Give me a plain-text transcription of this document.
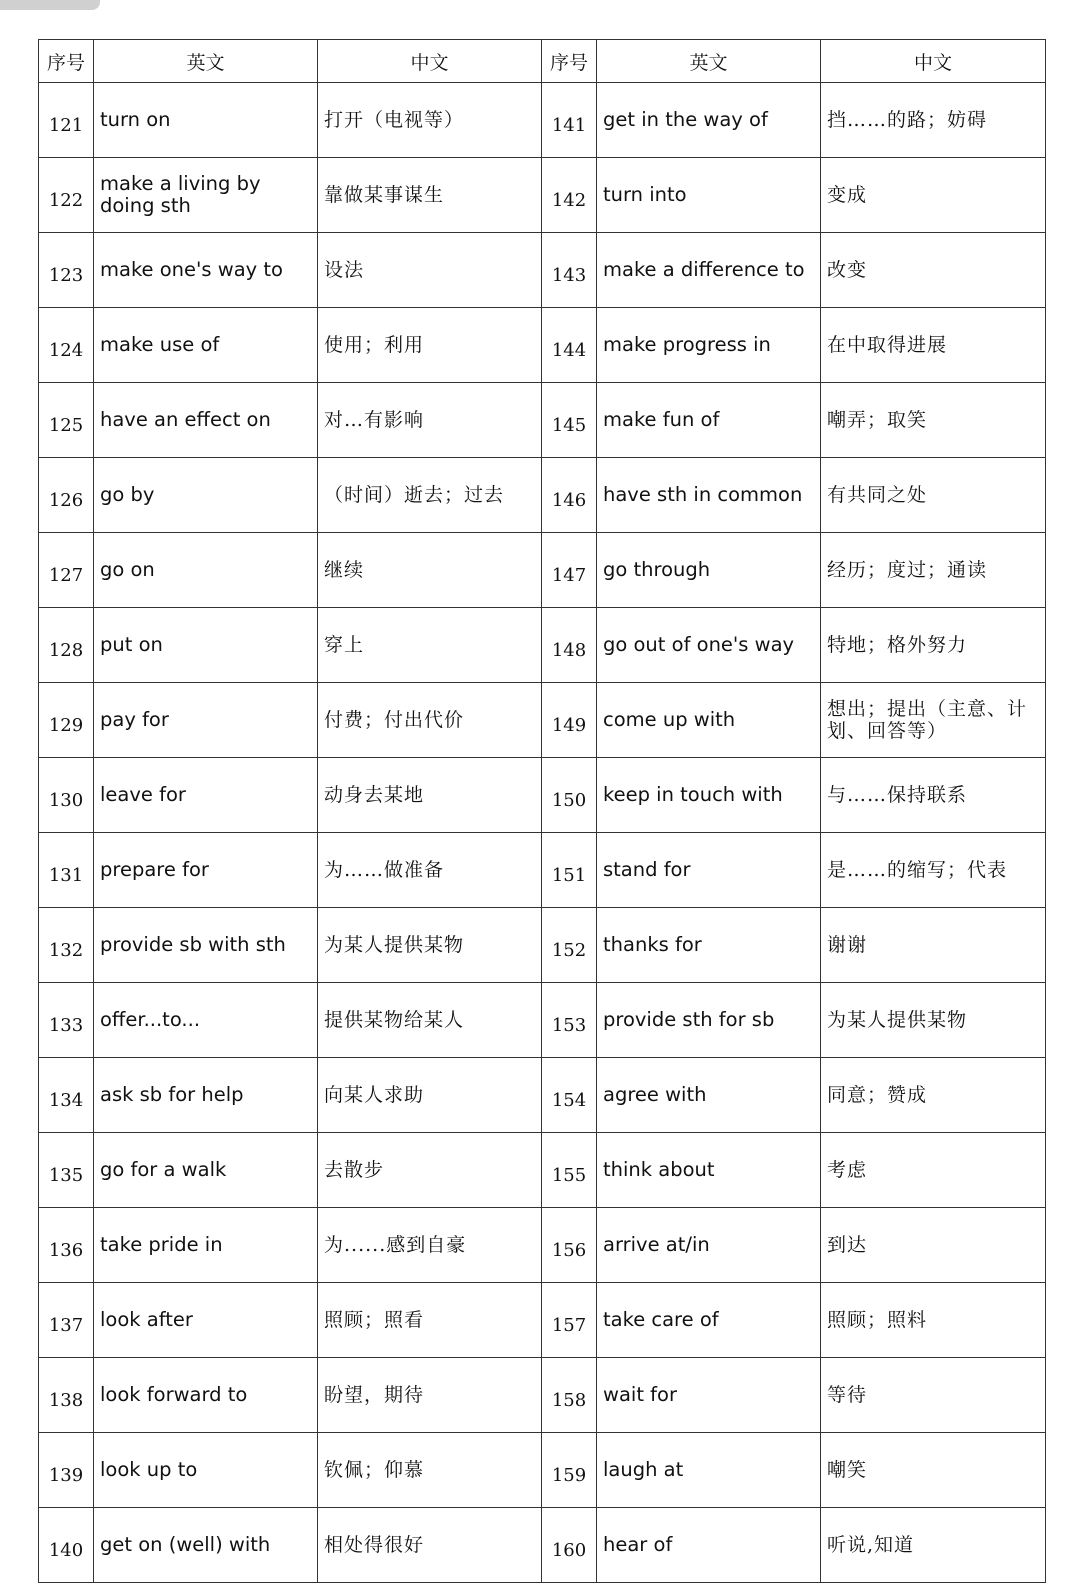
序号	英文	中文	序号	英文	中文
121	turn on	打开（电视等）	141	get in the way of	挡……的路；妨碍
122	make a living by doing sth	靠做某事谋生	142	turn into	变成
123	make one's way to	设法	143	make a difference to	改变
124	make use of	使用；利用	144	make progress in	在中取得进展
125	have an effect on	对…有影响	145	make fun of	嘲弄；取笑
126	go by	（时间）逝去；过去	146	have sth in common	有共同之处
127	go on	继续	147	go through	经历；度过；通读
128	put on	穿上	148	go out of one's way	特地；格外努力
129	pay for	付费；付出代价	149	come up with	想出；提出（主意、计划、回答等）
130	leave for	动身去某地	150	keep in touch with	与……保持联系
131	prepare for	为……做准备	151	stand for	是……的缩写；代表
132	provide sb with sth	为某人提供某物	152	thanks for	谢谢
133	offer...to...	提供某物给某人	153	provide sth for sb	为某人提供某物
134	ask sb for help	向某人求助	154	agree with	同意；赞成
135	go for a walk	去散步	155	think about	考虑
136	take pride in	为......感到自豪	156	arrive at/in	到达
137	look after	照顾；照看	157	take care of	照顾；照料
138	look forward to	盼望，期待	158	wait for	等待
139	look up to	钦佩；仰慕	159	laugh at	嘲笑
140	get on (well) with	相处得很好	160	hear of	听说,知道
